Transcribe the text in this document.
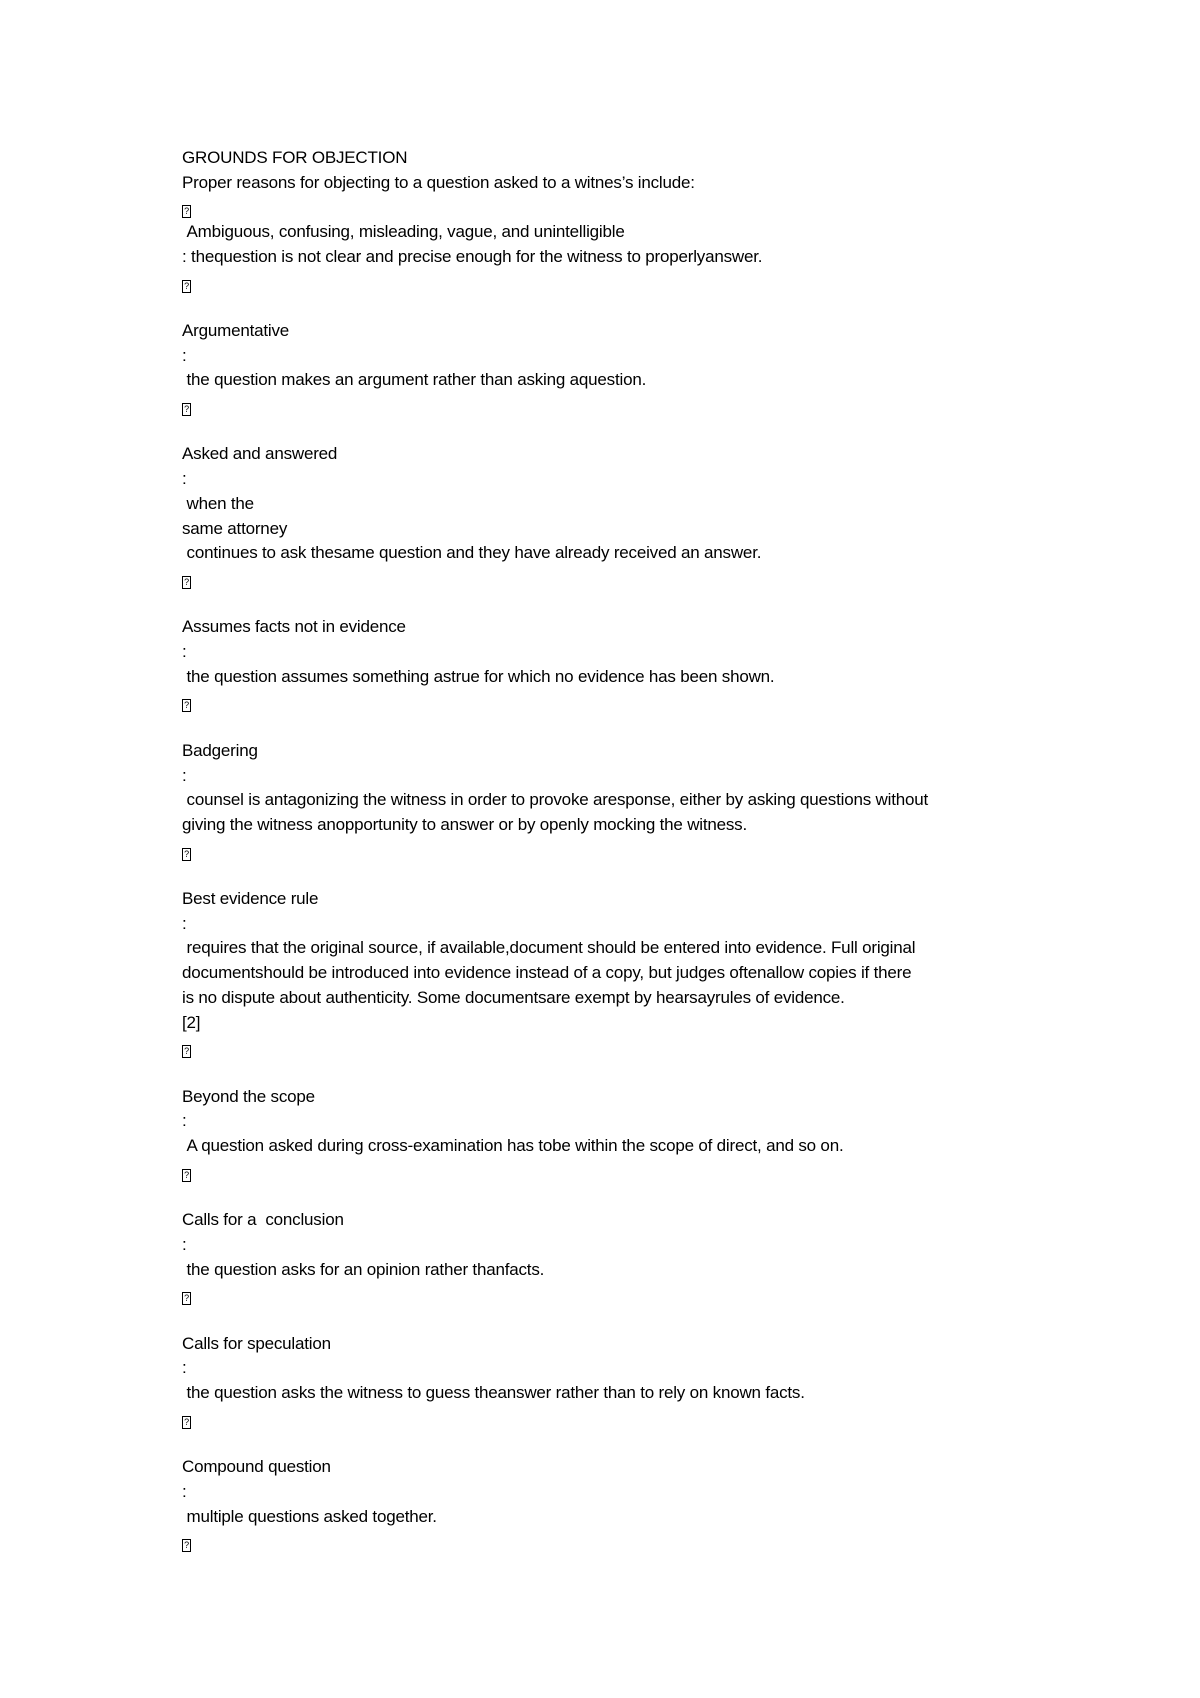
GROUNDS FOR OBJECTION
Proper reasons for objecting to a question asked to a witnes’s include:
?
Ambiguous, confusing, misleading, vague, and unintelligible
: thequestion is not clear and precise enough for the witness to properlyanswer.
?
Argumentative
:
the question makes an argument rather than asking aquestion.
?
Asked and answered
:
when the
same attorney
continues to ask thesame question and they have already received an answer.
?
Assumes facts not in evidence
:
the question assumes something astrue for which no evidence has been shown.
?
Badgering
:
counsel is antagonizing the witness in order to provoke aresponse, either by asking questions without
giving the witness anopportunity to answer or by openly mocking the witness.
?
Best evidence rule
:
requires that the original source, if available,document should be entered into evidence. Full original
documentshould be introduced into evidence instead of a copy, but judges oftenallow copies if there
is no dispute about authenticity. Some documentsare exempt by hearsayrules of evidence.
[2]
?
Beyond the scope
:
A question asked during cross-examination has tobe within the scope of direct, and so on.
?
Calls for a  conclusion
:
the question asks for an opinion rather thanfacts.
?
Calls for speculation
:
the question asks the witness to guess theanswer rather than to rely on known facts.
?
Compound question
:
multiple questions asked together.
?
